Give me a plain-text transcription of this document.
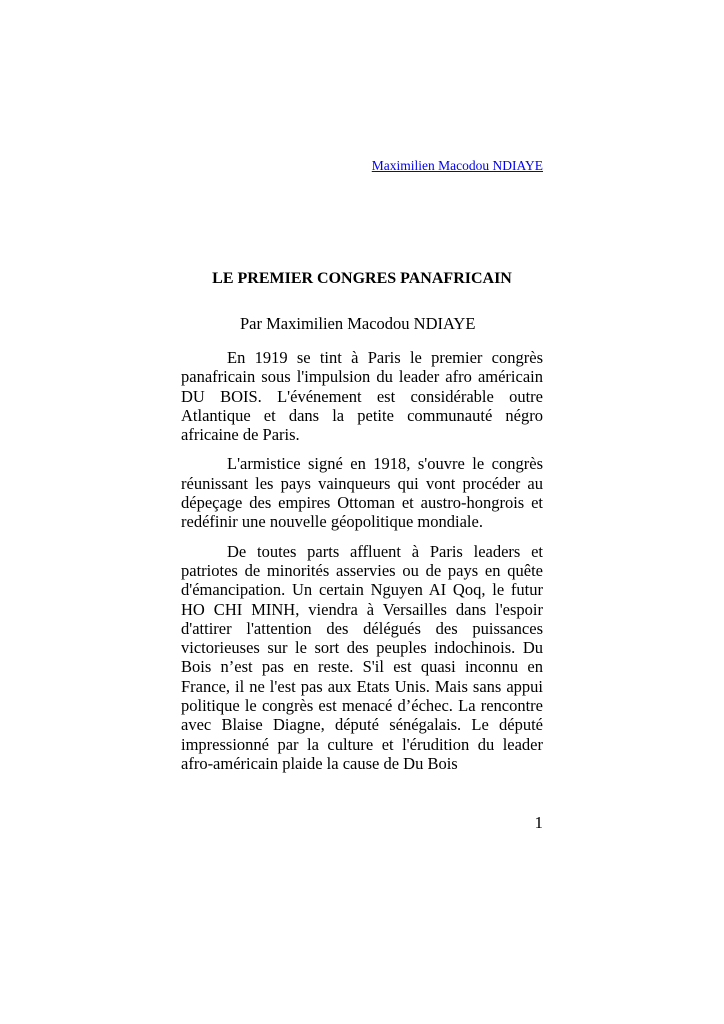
Maximilien Macodou NDIAYE
LE PREMIER CONGRES PANAFRICAIN
Par Maximilien Macodou NDIAYE

En 1919 se tint à Paris le premier congrès panafricain sous l'impulsion du leader afro américain DU BOIS. L'événement est considérable outre Atlantique et dans la petite communauté négro africaine de Paris.

L'armistice signé en 1918, s'ouvre le congrès réunissant les pays vainqueurs qui vont procéder au dépeçage des empires Ottoman et austro-hongrois et redéfinir une nouvelle géopolitique mondiale.

De toutes parts affluent à Paris leaders et patriotes de minorités asservies ou de pays en quête d'émancipation. Un certain Nguyen AI Qoq, le futur HO CHI MINH, viendra à Versailles dans l'espoir d'attirer l'attention des délégués des puissances victorieuses sur le sort des peuples indochinois. Du Bois n’est pas en reste. S'il est quasi inconnu en France, il ne l'est pas aux Etats Unis. Mais sans appui politique le congrès est menacé d’échec. La rencontre avec Blaise Diagne, député sénégalais. Le député impressionné par la culture et l'érudition du leader afro-américain plaide la cause de Du Bois

1
